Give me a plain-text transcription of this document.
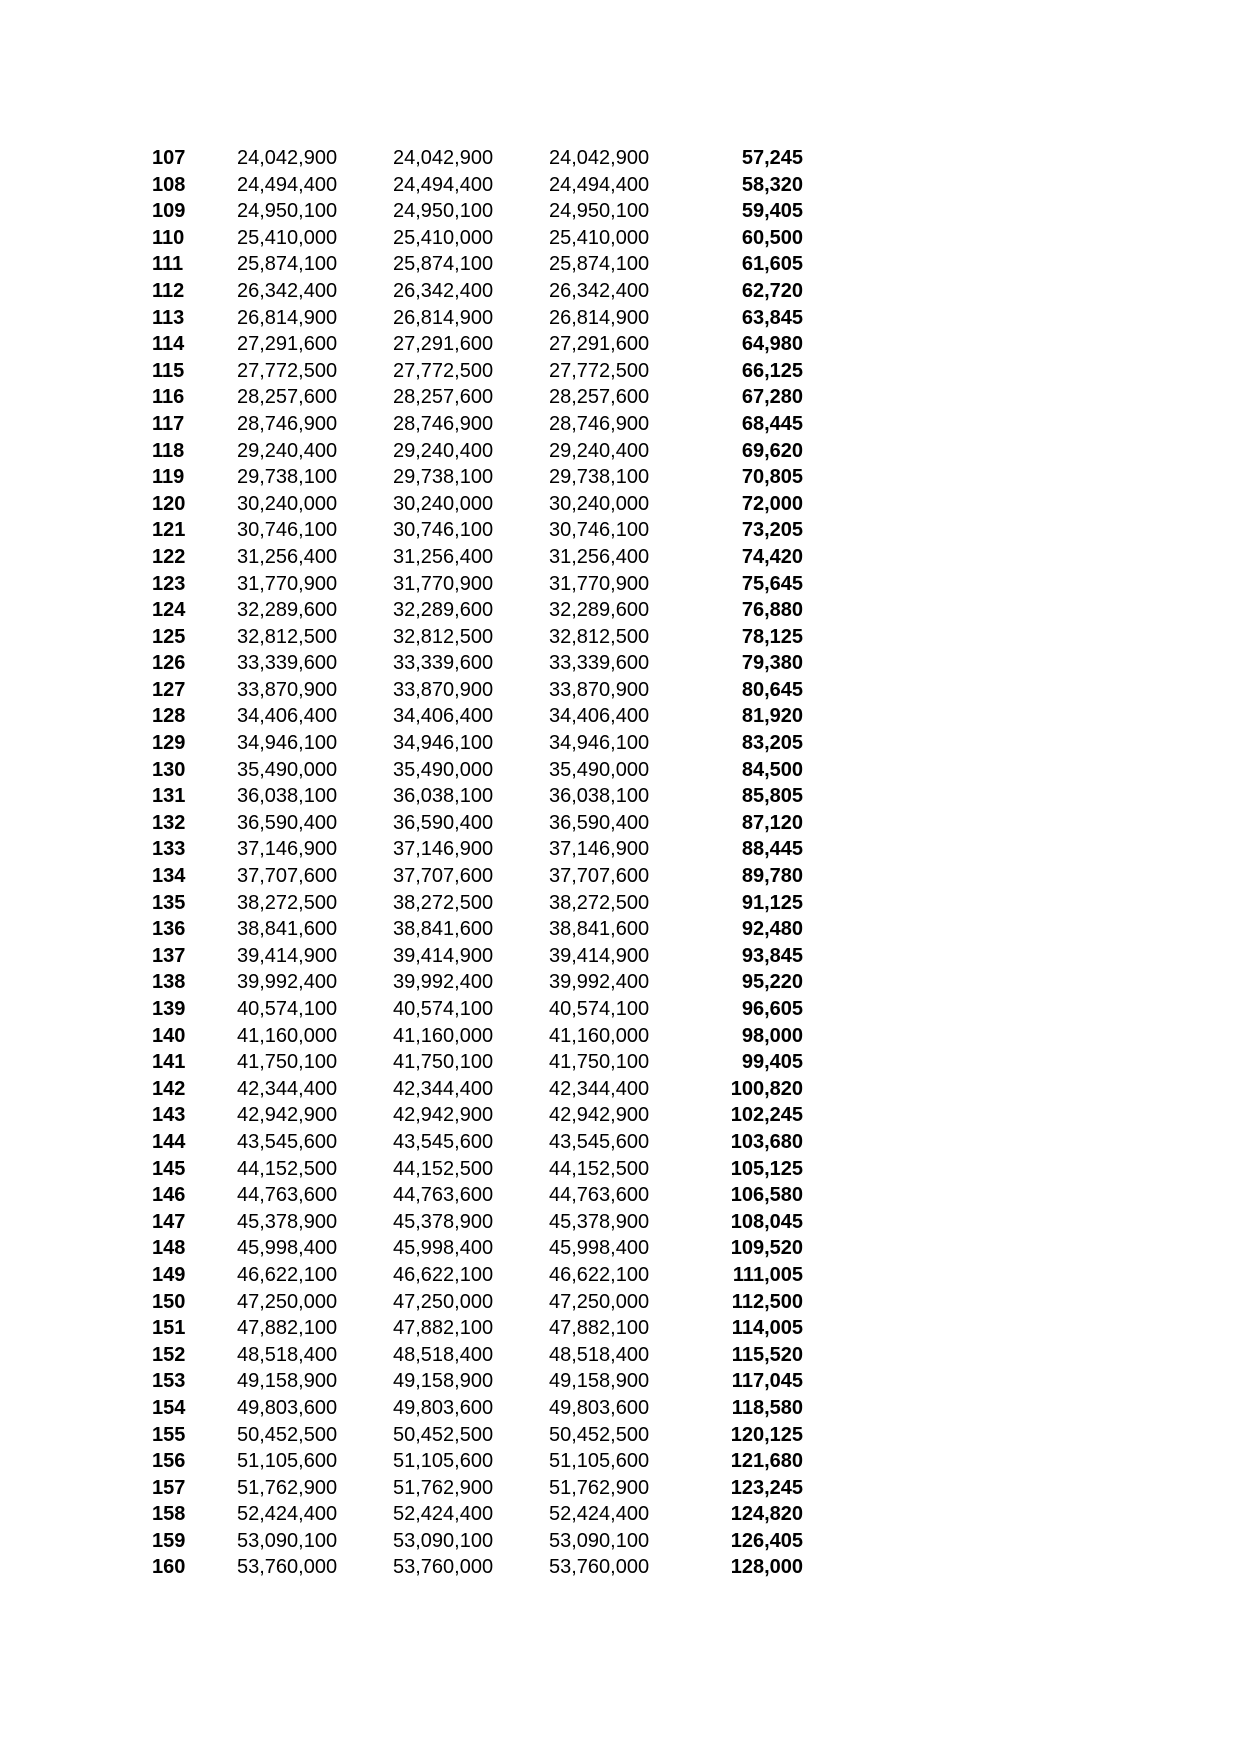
107	24,042,900	24,042,900	24,042,900	57,245
108	24,494,400	24,494,400	24,494,400	58,320
109	24,950,100	24,950,100	24,950,100	59,405
110	25,410,000	25,410,000	25,410,000	60,500
111	25,874,100	25,874,100	25,874,100	61,605
112	26,342,400	26,342,400	26,342,400	62,720
113	26,814,900	26,814,900	26,814,900	63,845
114	27,291,600	27,291,600	27,291,600	64,980
115	27,772,500	27,772,500	27,772,500	66,125
116	28,257,600	28,257,600	28,257,600	67,280
117	28,746,900	28,746,900	28,746,900	68,445
118	29,240,400	29,240,400	29,240,400	69,620
119	29,738,100	29,738,100	29,738,100	70,805
120	30,240,000	30,240,000	30,240,000	72,000
121	30,746,100	30,746,100	30,746,100	73,205
122	31,256,400	31,256,400	31,256,400	74,420
123	31,770,900	31,770,900	31,770,900	75,645
124	32,289,600	32,289,600	32,289,600	76,880
125	32,812,500	32,812,500	32,812,500	78,125
126	33,339,600	33,339,600	33,339,600	79,380
127	33,870,900	33,870,900	33,870,900	80,645
128	34,406,400	34,406,400	34,406,400	81,920
129	34,946,100	34,946,100	34,946,100	83,205
130	35,490,000	35,490,000	35,490,000	84,500
131	36,038,100	36,038,100	36,038,100	85,805
132	36,590,400	36,590,400	36,590,400	87,120
133	37,146,900	37,146,900	37,146,900	88,445
134	37,707,600	37,707,600	37,707,600	89,780
135	38,272,500	38,272,500	38,272,500	91,125
136	38,841,600	38,841,600	38,841,600	92,480
137	39,414,900	39,414,900	39,414,900	93,845
138	39,992,400	39,992,400	39,992,400	95,220
139	40,574,100	40,574,100	40,574,100	96,605
140	41,160,000	41,160,000	41,160,000	98,000
141	41,750,100	41,750,100	41,750,100	99,405
142	42,344,400	42,344,400	42,344,400	100,820
143	42,942,900	42,942,900	42,942,900	102,245
144	43,545,600	43,545,600	43,545,600	103,680
145	44,152,500	44,152,500	44,152,500	105,125
146	44,763,600	44,763,600	44,763,600	106,580
147	45,378,900	45,378,900	45,378,900	108,045
148	45,998,400	45,998,400	45,998,400	109,520
149	46,622,100	46,622,100	46,622,100	111,005
150	47,250,000	47,250,000	47,250,000	112,500
151	47,882,100	47,882,100	47,882,100	114,005
152	48,518,400	48,518,400	48,518,400	115,520
153	49,158,900	49,158,900	49,158,900	117,045
154	49,803,600	49,803,600	49,803,600	118,580
155	50,452,500	50,452,500	50,452,500	120,125
156	51,105,600	51,105,600	51,105,600	121,680
157	51,762,900	51,762,900	51,762,900	123,245
158	52,424,400	52,424,400	52,424,400	124,820
159	53,090,100	53,090,100	53,090,100	126,405
160	53,760,000	53,760,000	53,760,000	128,000
